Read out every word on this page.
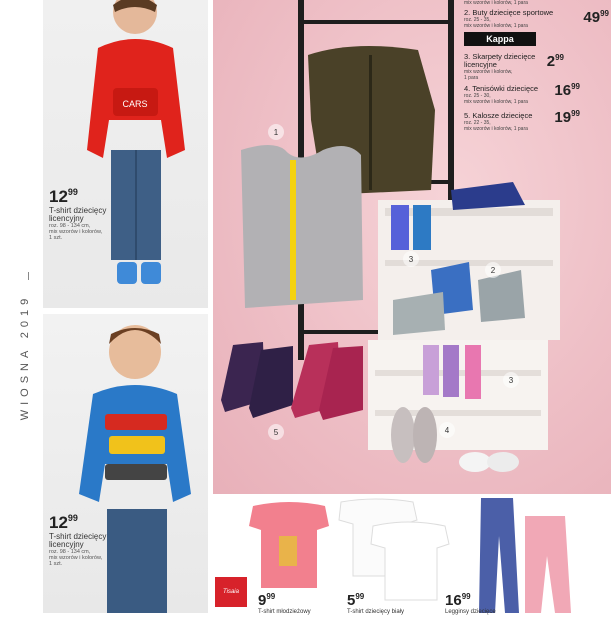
WIOSNA 2019
CARS
$12^{99}$
T-shirt dziecięcy licencyjny
roz. 98 - 134 cm,
mix wzorów i kolorów,
1 szt.
$12^{99}$
T-shirt dziecięcy licencyjny
roz. 98 - 134 cm,
mix wzorów i kolorów,
1 szt.
1
2
3
3
4
5
mix wzorów i kolorów, 1 para
2. Buty dziecięce sportowe
roz. 25 - 35,
mix wzorów i kolorów, 1 para	$49^{99}$
Kappa
3. Skarpety dziecięce licencyjne
mix wzorów i kolorów,
1 para
$2^{99}$
4. Tenisówki dziecięce
roz. 25 - 30,
mix wzorów i kolorów, 1 para
$16^{99}$
5. Kalosze dziecięce
roz. 22 - 35,
mix wzorów i kolorów, 1 para
$19^{99}$
Tisaia	$9^{99}$
T-shirt młodzieżowy
$5^{99}$
T-shirt dziecięcy biały
$16^{99}$
Legginsy dziecięce
